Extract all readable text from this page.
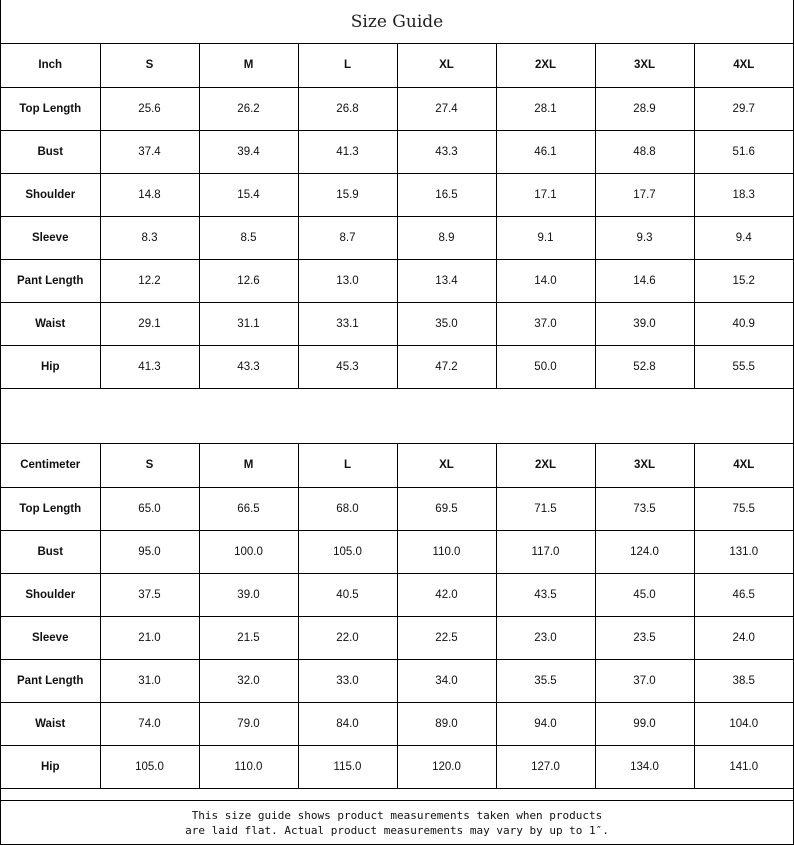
Size Guide
Inch	S	M	L	XL	2XL	3XL	4XL
Top Length	25.6	26.2	26.8	27.4	28.1	28.9	29.7
Bust	37.4	39.4	41.3	43.3	46.1	48.8	51.6
Shoulder	14.8	15.4	15.9	16.5	17.1	17.7	18.3
Sleeve	8.3	8.5	8.7	8.9	9.1	9.3	9.4
Pant Length	12.2	12.6	13.0	13.4	14.0	14.6	15.2
Waist	29.1	31.1	33.1	35.0	37.0	39.0	40.9
Hip	41.3	43.3	45.3	47.2	50.0	52.8	55.5
Centimeter	S	M	L	XL	2XL	3XL	4XL
Top Length	65.0	66.5	68.0	69.5	71.5	73.5	75.5
Bust	95.0	100.0	105.0	110.0	117.0	124.0	131.0
Shoulder	37.5	39.0	40.5	42.0	43.5	45.0	46.5
Sleeve	21.0	21.5	22.0	22.5	23.0	23.5	24.0
Pant Length	31.0	32.0	33.0	34.0	35.5	37.0	38.5
Waist	74.0	79.0	84.0	89.0	94.0	99.0	104.0
Hip	105.0	110.0	115.0	120.0	127.0	134.0	141.0
This size guide shows product measurements taken when products
are laid flat. Actual product measurements may vary by up to 1″.
